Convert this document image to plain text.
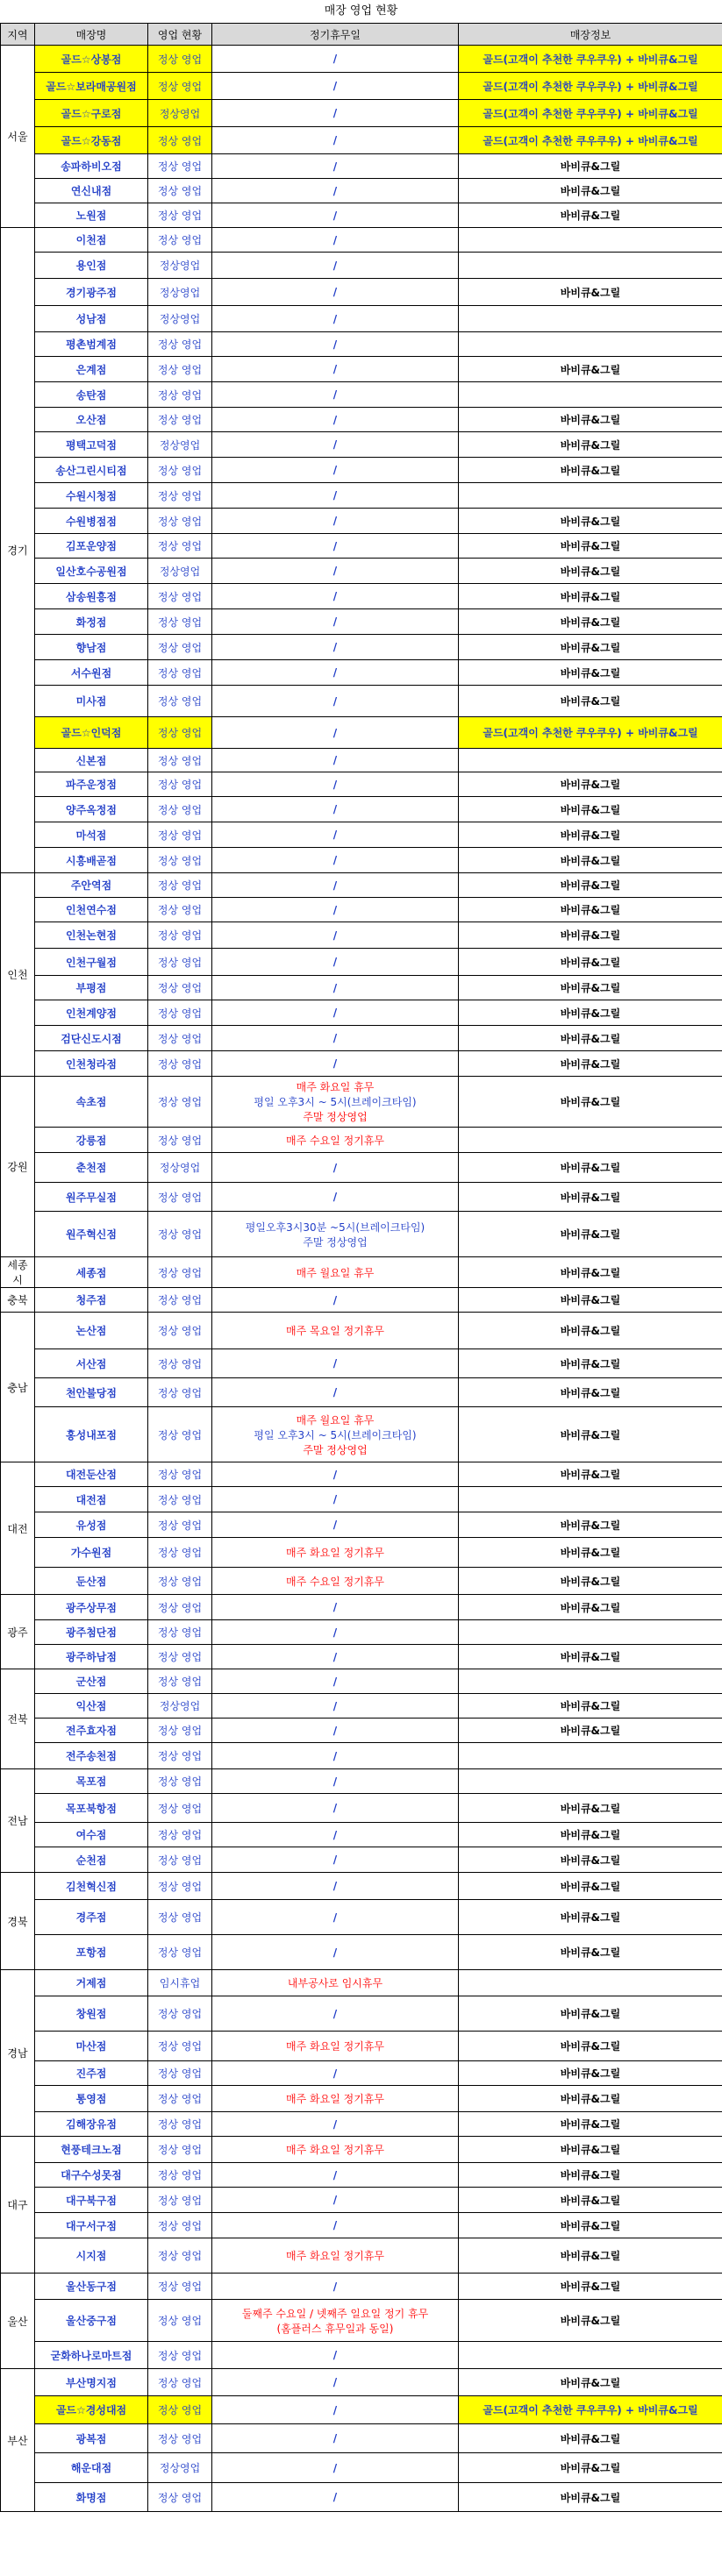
매장 영업 현황
지역	매장명	영업 현황	정기휴무일	매장정보
서울	골드☆상봉점	정상 영업	/	골드(고객이 추천한 쿠우쿠우) + 바비큐&그릴
	골드☆보라매공원점	정상 영업	/	골드(고객이 추천한 쿠우쿠우) + 바비큐&그릴
	골드☆구로점	정상영업	/	골드(고객이 추천한 쿠우쿠우) + 바비큐&그릴
	골드☆강동점	정상 영업	/	골드(고객이 추천한 쿠우쿠우) + 바비큐&그릴
	송파하비오점	정상 영업	/	바비큐&그릴
	연신내점	정상 영업	/	바비큐&그릴
	노원점	정상 영업	/	바비큐&그릴
경기	이천점	정상 영업	/	
	용인점	정상영업	/	
	경기광주점	정상영업	/	바비큐&그릴
	성남점	정상영업	/	
	평촌범계점	정상 영업	/	
	은계점	정상 영업	/	바비큐&그릴
	송탄점	정상 영업	/	
	오산점	정상 영업	/	바비큐&그릴
	평택고덕점	정상영업	/	바비큐&그릴
	송산그린시티점	정상 영업	/	바비큐&그릴
	수원시청점	정상 영업	/	
	수원병점점	정상 영업	/	바비큐&그릴
	김포운양점	정상 영업	/	바비큐&그릴
	일산호수공원점	정상영업	/	바비큐&그릴
	삼송원흥점	정상 영업	/	바비큐&그릴
	화정점	정상 영업	/	바비큐&그릴
	향남점	정상 영업	/	바비큐&그릴
	서수원점	정상 영업	/	바비큐&그릴
	미사점	정상 영업	/	바비큐&그릴
	골드☆인덕점	정상 영업	/	골드(고객이 추천한 쿠우쿠우) + 바비큐&그릴
	신본점	정상 영업	/	
	파주운정점	정상 영업	/	바비큐&그릴
	양주옥정점	정상 영업	/	바비큐&그릴
	마석점	정상 영업	/	바비큐&그릴
	시흥배곧점	정상 영업	/	바비큐&그릴
인천	주안역점	정상 영업	/	바비큐&그릴
	인천연수점	정상 영업	/	바비큐&그릴
	인천논현점	정상 영업	/	바비큐&그릴
	인천구월점	정상 영업	/	바비큐&그릴
	부평점	정상 영업	/	바비큐&그릴
	인천계양점	정상 영업	/	바비큐&그릴
	검단신도시점	정상 영업	/	바비큐&그릴
	인천청라점	정상 영업	/	바비큐&그릴
강원	속초점	정상 영업	매주 화요일 휴무
평일 오후3시 ~ 5시(브레이크타임)
주말 정상영업	바비큐&그릴
	강릉점	정상 영업	매주 수요일 정기휴무	

	춘천점	정상영업	/	바비큐&그릴
	원주무실점	정상 영업	/	바비큐&그릴
	원주혁신점	정상 영업	평일오후3시30분 ~5시(브레이크타임)
주말 정상영업	바비큐&그릴
세종시	세종점	정상 영업	매주 월요일 휴무	바비큐&그릴
충북	청주점	정상 영업	/	바비큐&그릴
충남	논산점	정상 영업	매주 목요일 정기휴무	바비큐&그릴
	서산점	정상 영업	/	바비큐&그릴
	천안불당점	정상 영업	/	바비큐&그릴
	홍성내포점	정상 영업	매주 월요일 휴무
평일 오후3시 ~ 5시(브레이크타임)
주말 정상영업	바비큐&그릴
대전	대전둔산점	정상 영업	/	바비큐&그릴
	대전점	정상 영업	/	
	유성점	정상 영업	/	바비큐&그릴
	가수원점	정상 영업	매주 화요일 정기휴무	바비큐&그릴
	둔산점	정상 영업	매주 수요일 정기휴무	바비큐&그릴
광주	광주상무점	정상 영업	/	바비큐&그릴
	광주첨단점	정상 영업	/	
	광주하남점	정상 영업	/	바비큐&그릴
전북	군산점	정상 영업	/	
	익산점	정상영업	/	바비큐&그릴
	전주효자점	정상 영업	/	바비큐&그릴
	전주송천점	정상 영업	/	
전남	목포점	정상 영업	/	
	목포북항점	정상 영업	/	바비큐&그릴
	여수점	정상 영업	/	바비큐&그릴
	순천점	정상 영업	/	바비큐&그릴
경북	김천혁신점	정상 영업	/	바비큐&그릴
	경주점	정상 영업	/	바비큐&그릴
	포항점	정상 영업	/	바비큐&그릴
경남	거제점	임시휴업	내부공사로 임시휴무	

	창원점	정상 영업	/	바비큐&그릴
	마산점	정상 영업	매주 화요일 정기휴무	바비큐&그릴
	진주점	정상 영업	/	바비큐&그릴
	통영점	정상 영업	매주 화요일 정기휴무	바비큐&그릴
	김해장유점	정상 영업	/	바비큐&그릴
대구	현풍테크노점	정상 영업	매주 화요일 정기휴무	바비큐&그릴
	대구수성못점	정상 영업	/	바비큐&그릴
	대구북구점	정상 영업	/	바비큐&그릴
	대구서구점	정상 영업	/	바비큐&그릴
	시지점	정상 영업	매주 화요일 정기휴무	바비큐&그릴
울산	울산동구점	정상 영업	/	바비큐&그릴
	울산중구점	정상 영업	둘째주 수요일 / 넷째주 일요일 정기 휴무
(홈플러스 휴무일과 동일)	바비큐&그릴
	굳화하나로마트점	정상 영업	/	
부산	부산명지점	정상 영업	/	바비큐&그릴
	골드☆경성대점	정상 영업	/	골드(고객이 추천한 쿠우쿠우) + 바비큐&그릴
	광복점	정상 영업	/	바비큐&그릴
	해운대점	정상영업	/	바비큐&그릴
	화명점	정상 영업	/	바비큐&그릴
